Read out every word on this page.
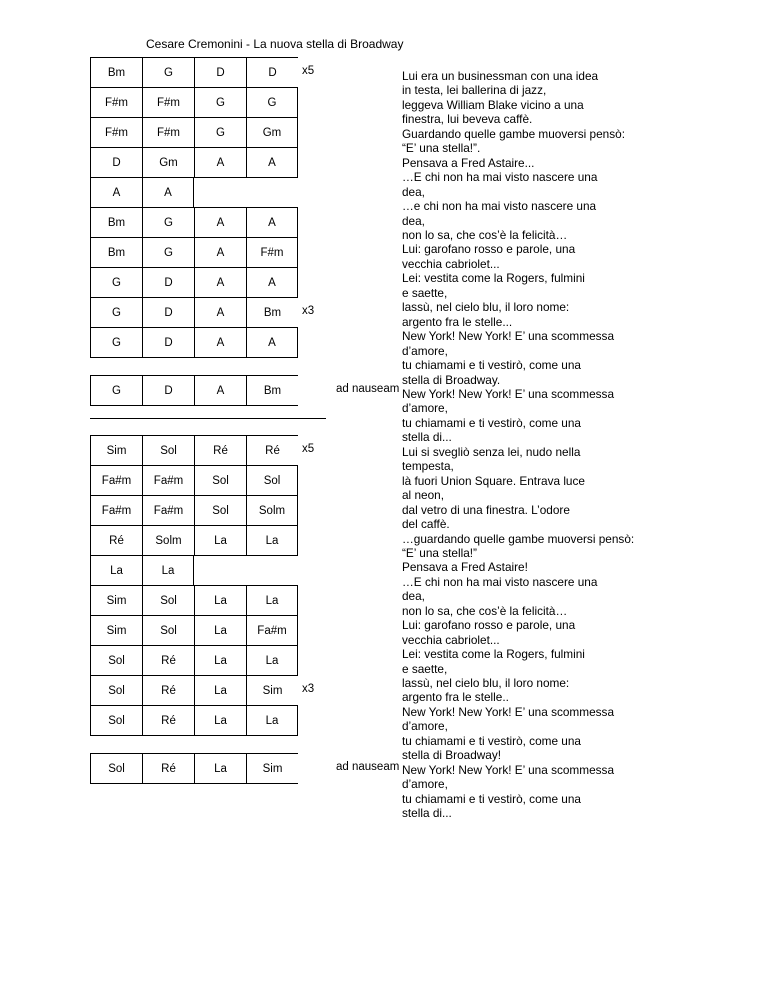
Cesare Cremonini - La nuova stella di Broadway
Bm	G	D	D	x5
F#m	F#m	G	G
F#m	F#m	G	Gm
D	Gm	A	A
A	A
Bm	G	A	A
Bm	G	A	F#m
G	D	A	A
G	D	A	Bm	x3
G	D	A	A
G	D	A	Bm	ad nauseam
Sim	Sol	Ré	Ré	x5
Fa#m	Fa#m	Sol	Sol
Fa#m	Fa#m	Sol	Solm
Ré	Solm	La	La
La	La
Sim	Sol	La	La
Sim	Sol	La	Fa#m
Sol	Ré	La	La
Sol	Ré	La	Sim	x3
Sol	Ré	La	La
Sol	Ré	La	Sim	ad nauseam
Lui era un businessman con una idea
in testa, lei ballerina di jazz,
leggeva William Blake vicino a una
finestra, lui beveva caffè.
Guardando quelle gambe muoversi pensò:
“E’ una stella!”.
Pensava a Fred Astaire...
…E chi non ha mai visto nascere una
dea,
…e chi non ha mai visto nascere una
dea,
non lo sa, che cos’è la felicità…
Lui: garofano rosso e parole, una
vecchia cabriolet...
Lei: vestita come la Rogers, fulmini
e saette,
lassù, nel cielo blu, il loro nome:
argento fra le stelle...
New York! New York! E’ una scommessa
d’amore,
tu chiamami e ti vestirò, come una
stella di Broadway.
New York! New York! E’ una scommessa
d’amore,
tu chiamami e ti vestirò, come una
stella di...
Lui si svegliò senza lei, nudo nella
tempesta,
là fuori Union Square. Entrava luce
al neon,
dal vetro di una finestra. L’odore
del caffè.
…guardando quelle gambe muoversi pensò:
“E’ una stella!”
Pensava a Fred Astaire!
…E chi non ha mai visto nascere una
dea,
non lo sa, che cos’è la felicità…
Lui: garofano rosso e parole, una
vecchia cabriolet...
Lei: vestita come la Rogers, fulmini
e saette,
lassù, nel cielo blu, il loro nome:
argento fra le stelle..
New York! New York! E’ una scommessa
d’amore,
tu chiamami e ti vestirò, come una
stella di Broadway!
New York! New York! E’ una scommessa
d’amore,
tu chiamami e ti vestirò, come una
stella di...
